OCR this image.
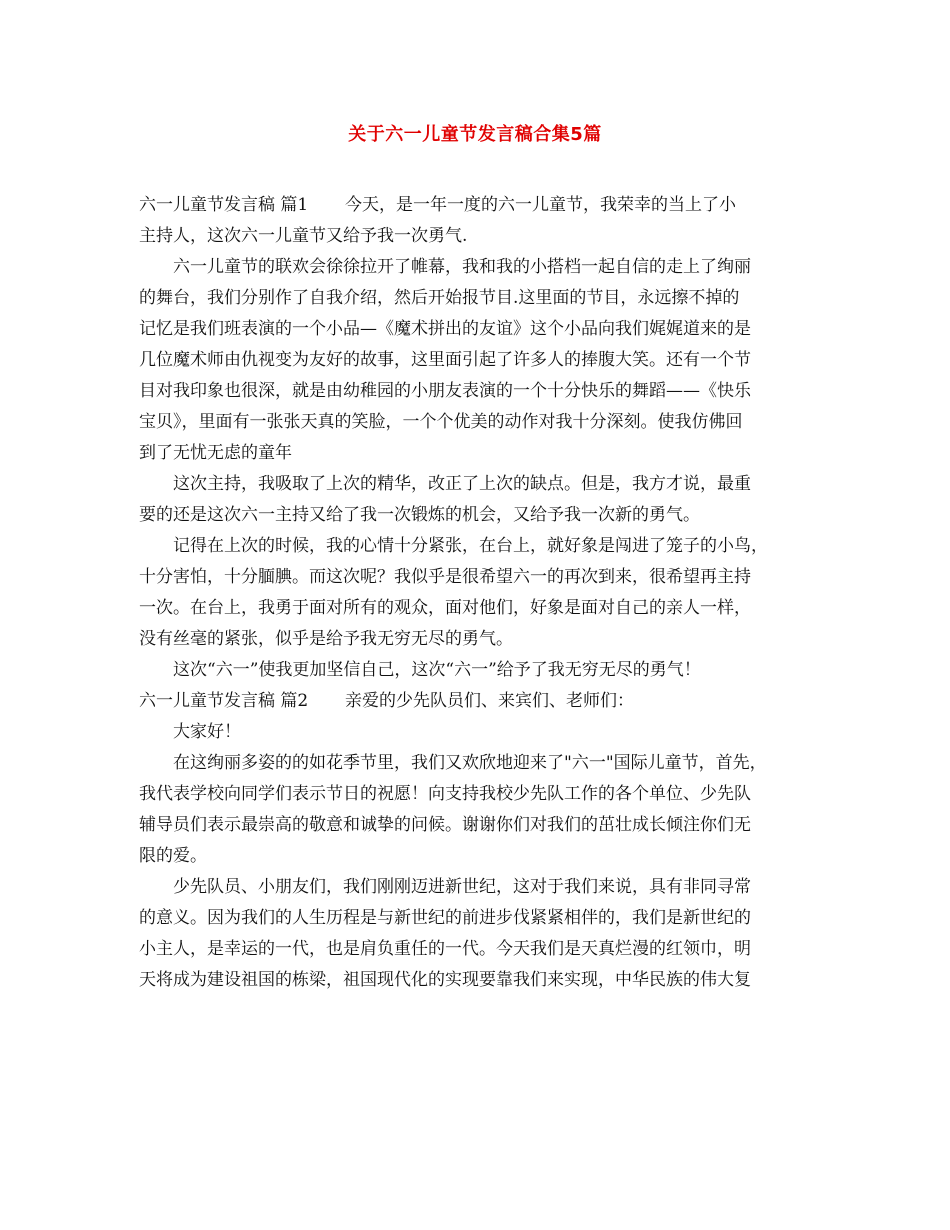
关于六一儿童节发言稿合集5篇
六一儿童节发言稿 篇1 今天，是一年一度的六一儿童节，我荣幸的当上了小
主持人，这次六一儿童节又给予我一次勇气.
六一儿童节的联欢会徐徐拉开了帷幕，我和我的小搭档一起自信的走上了绚丽
的舞台，我们分别作了自我介绍，然后开始报节目.这里面的节目，永远擦不掉的
记忆是我们班表演的一个小品—《魔术拼出的友谊》这个小品向我们娓娓道来的是
几位魔术师由仇视变为友好的故事，这里面引起了许多人的捧腹大笑。还有一个节
目对我印象也很深，就是由幼稚园的小朋友表演的一个十分快乐的舞蹈——《快乐
宝贝》，里面有一张张天真的笑脸，一个个优美的动作对我十分深刻。使我仿佛回
到了无忧无虑的童年
这次主持，我吸取了上次的精华，改正了上次的缺点。但是，我方才说，最重
要的还是这次六一主持又给了我一次锻炼的机会，又给予我一次新的勇气。
记得在上次的时候，我的心情十分紧张，在台上，就好象是闯进了笼子的小鸟，
十分害怕，十分腼腆。而这次呢？我似乎是很希望六一的再次到来，很希望再主持
一次。在台上，我勇于面对所有的观众，面对他们，好象是面对自己的亲人一样，
没有丝毫的紧张，似乎是给予我无穷无尽的勇气。
这次“六一”使我更加坚信自己，这次“六一”给予了我无穷无尽的勇气！
六一儿童节发言稿 篇2 亲爱的少先队员们、来宾们、老师们：
大家好！
在这绚丽多姿的的如花季节里，我们又欢欣地迎来了"六一"国际儿童节，首先，
我代表学校向同学们表示节日的祝愿！向支持我校少先队工作的各个单位、少先队
辅导员们表示最崇高的敬意和诚挚的问候。谢谢你们对我们的茁壮成长倾注你们无
限的爱。
少先队员、小朋友们，我们刚刚迈进新世纪，这对于我们来说，具有非同寻常
的意义。因为我们的人生历程是与新世纪的前进步伐紧紧相伴的，我们是新世纪的
小主人，是幸运的一代，也是肩负重任的一代。今天我们是天真烂漫的红领巾，明
天将成为建设祖国的栋梁，祖国现代化的实现要靠我们来实现，中华民族的伟大复
